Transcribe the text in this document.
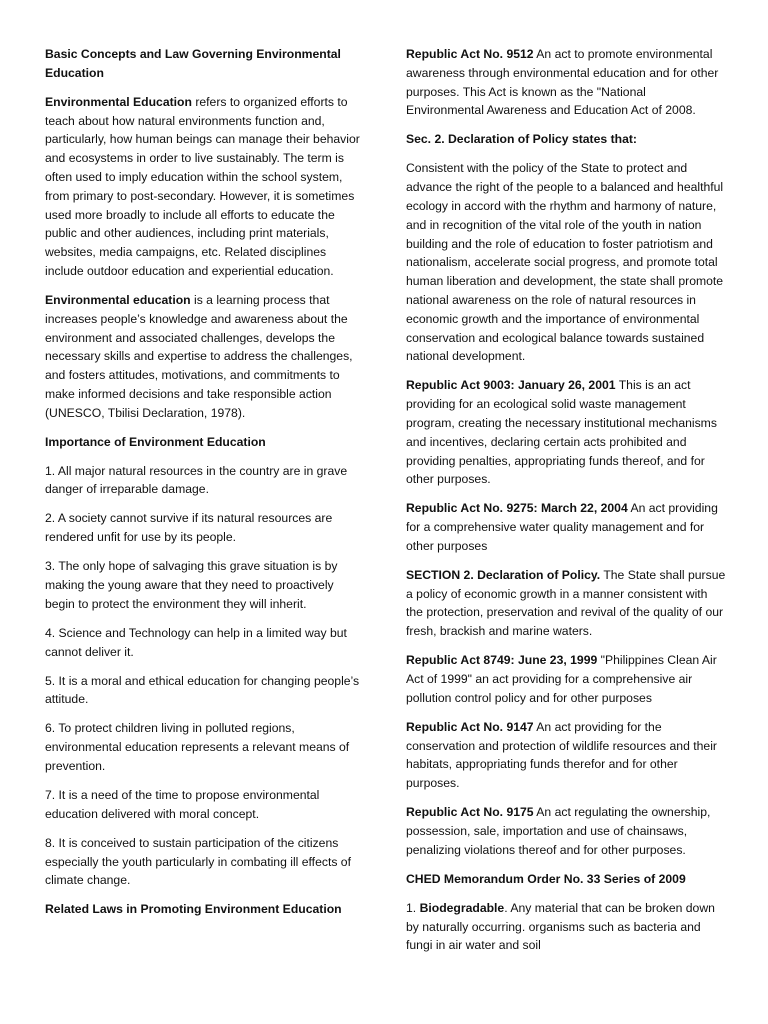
Basic Concepts and Law Governing Environmental Education

Environmental Education refers to organized efforts to teach about how natural environments function and, particularly, how human beings can manage their behavior and ecosystems in order to live sustainably. The term is often used to imply education within the school system, from primary to post-secondary. However, it is sometimes used more broadly to include all efforts to educate the public and other audiences, including print materials, websites, media campaigns, etc. Related disciplines include outdoor education and experiential education.

Environmental education is a learning process that increases people’s knowledge and awareness about the environment and associated challenges, develops the necessary skills and expertise to address the challenges, and fosters attitudes, motivations, and commitments to make informed decisions and take responsible action (UNESCO, Tbilisi Declaration, 1978).

Importance of Environment Education

1. All major natural resources in the country are in grave danger of irreparable damage.

2. A society cannot survive if its natural resources are rendered unfit for use by its people.

3. The only hope of salvaging this grave situation is by making the young aware that they need to proactively begin to protect the environment they will inherit.

4. Science and Technology can help in a limited way but cannot deliver it.

5. It is a moral and ethical education for changing people’s attitude.

6. To protect children living in polluted regions, environmental education represents a relevant means of prevention.

7. It is a need of the time to propose environmental education delivered with moral concept.

8. It is conceived to sustain participation of the citizens especially the youth particularly in combating ill effects of climate change.

Related Laws in Promoting Environment Education

Republic Act No. 9512 An act to promote environmental awareness through environmental education and for other purposes. This Act is known as the "National Environmental Awareness and Education Act of 2008.

Sec. 2. Declaration of Policy states that:

Consistent with the policy of the State to protect and advance the right of the people to a balanced and healthful ecology in accord with the rhythm and harmony of nature, and in recognition of the vital role of the youth in nation building and the role of education to foster patriotism and nationalism, accelerate social progress, and promote total human liberation and development, the state shall promote national awareness on the role of natural resources in economic growth and the importance of environmental conservation and ecological balance towards sustained national development.

Republic Act 9003: January 26, 2001 This is an act providing for an ecological solid waste management program, creating the necessary institutional mechanisms and incentives, declaring certain acts prohibited and providing penalties, appropriating funds thereof, and for other purposes.

Republic Act No. 9275: March 22, 2004 An act providing for a comprehensive water quality management and for other purposes

SECTION 2. Declaration of Policy. The State shall pursue a policy of economic growth in a manner consistent with the protection, preservation and revival of the quality of our fresh, brackish and marine waters.

Republic Act 8749: June 23, 1999 "Philippines Clean Air Act of 1999" an act providing for a comprehensive air pollution control policy and for other purposes

Republic Act No. 9147 An act providing for the conservation and protection of wildlife resources and their habitats, appropriating funds therefor and for other purposes.

Republic Act No. 9175 An act regulating the ownership, possession, sale, importation and use of chainsaws, penalizing violations thereof and for other purposes.

CHED Memorandum Order No. 33 Series of 2009

1. Biodegradable. Any material that can be broken down by naturally occurring. organisms such as bacteria and fungi in air water and soil
